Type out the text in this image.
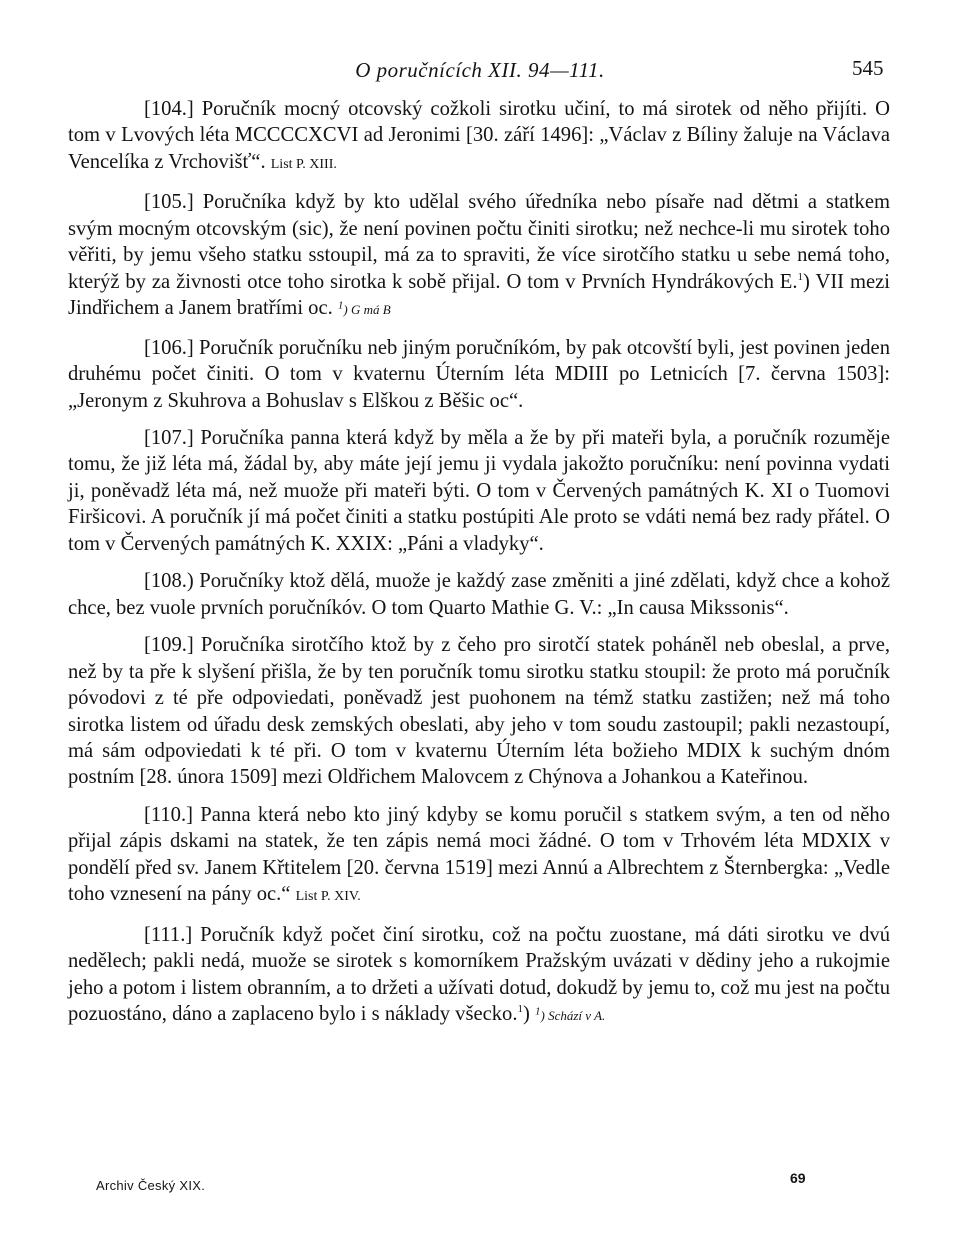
O poručnících XII. 94—111.	545

[104.] Poručník mocný otcovský cožkoli sirotku učiní, to má sirotek od něho přijíti. O tom v Lvových léta MCCCCXCVI ad Jeronimi [30. září 1496]: „Václav z Bíliny žaluje na Václava Vencelíka z Vrchovišť“. List P. XIII.

[105.] Poručníka když by kto udělal svého úředníka nebo písaře nad dětmi a statkem svým mocným otcovským (sic), že není povinen počtu činiti sirotku; než nechce-li mu sirotek toho věřiti, by jemu všeho statku sstoupil, má za to spraviti, že více sirotčího statku u sebe nemá toho, kterýž by za živnosti otce toho sirotka k sobě přijal. O tom v Prvních Hyndrákových E.$^1$) VII mezi Jindřichem a Janem bratřími oc. $^1$) G má B

[106.] Poručník poručníku neb jiným poručníkóm, by pak otcovští byli, jest povinen jeden druhému počet činiti. O tom v kvaternu Úterním léta MDIII po Letnicích [7. června 1503]: „Jeronym z Skuhrova a Bohuslav s Elškou z Běšic oc“.

[107.] Poručníka panna která když by měla a že by při mateři byla, a poručník rozuměje tomu, že již léta má, žádal by, aby máte její jemu ji vydala jakožto poručníku: není povinna vydati ji, poněvadž léta má, než muože při mateři býti. O tom v Červených památných K. XI o Tuomovi Firšicovi. A poručník jí má počet činiti a statku postúpiti Ale proto se vdáti nemá bez rady přátel. O tom v Červených památných K. XXIX: „Páni a vladyky“.

[108.) Poručníky ktož dělá, muože je každý zase změniti a jiné zdělati, když chce a kohož chce, bez vuole prvních poručníkóv. O tom Quarto Mathie G. V.: „In causa Mikssonis“.

[109.] Poručníka sirotčího ktož by z čeho pro sirotčí statek poháněl neb obeslal, a prve, než by ta pře k slyšení přišla, že by ten poručník tomu sirotku statku stoupil: že proto má poručník póvodovi z té pře odpoviedati, poněvadž jest puohonem na témž statku zastižen; než má toho sirotka listem od úřadu desk zemských obeslati, aby jeho v tom soudu zastoupil; pakli nezastoupí, má sám odpoviedati k té při. O tom v kvaternu Úterním léta božieho MDIX k suchým dnóm postním [28. února 1509] mezi Oldřichem Malovcem z Chýnova a Johankou a Kateřinou.

[110.] Panna která nebo kto jiný kdyby se komu poručil s statkem svým, a ten od něho přijal zápis dskami na statek, že ten zápis nemá moci žádné. O tom v Trhovém léta MDXIX v pondělí před sv. Janem Křtitelem [20. června 1519] mezi Annú a Albrechtem z Šternbergka: „Vedle toho vznesení na pány oc.“ List P. XIV.

[111.] Poručník když počet činí sirotku, což na počtu zuostane, má dáti sirotku ve dvú nedělech; pakli nedá, muože se sirotek s komorníkem Pražským uvázati v dědiny jeho a rukojmie jeho a potom i listem obranním, a to držeti a užívati dotud, dokudž by jemu to, což mu jest na počtu pozuostáno, dáno a zaplaceno bylo i s náklady všecko.$^1$) $^1$) Schází v A.

Archiv Český XIX.	69
